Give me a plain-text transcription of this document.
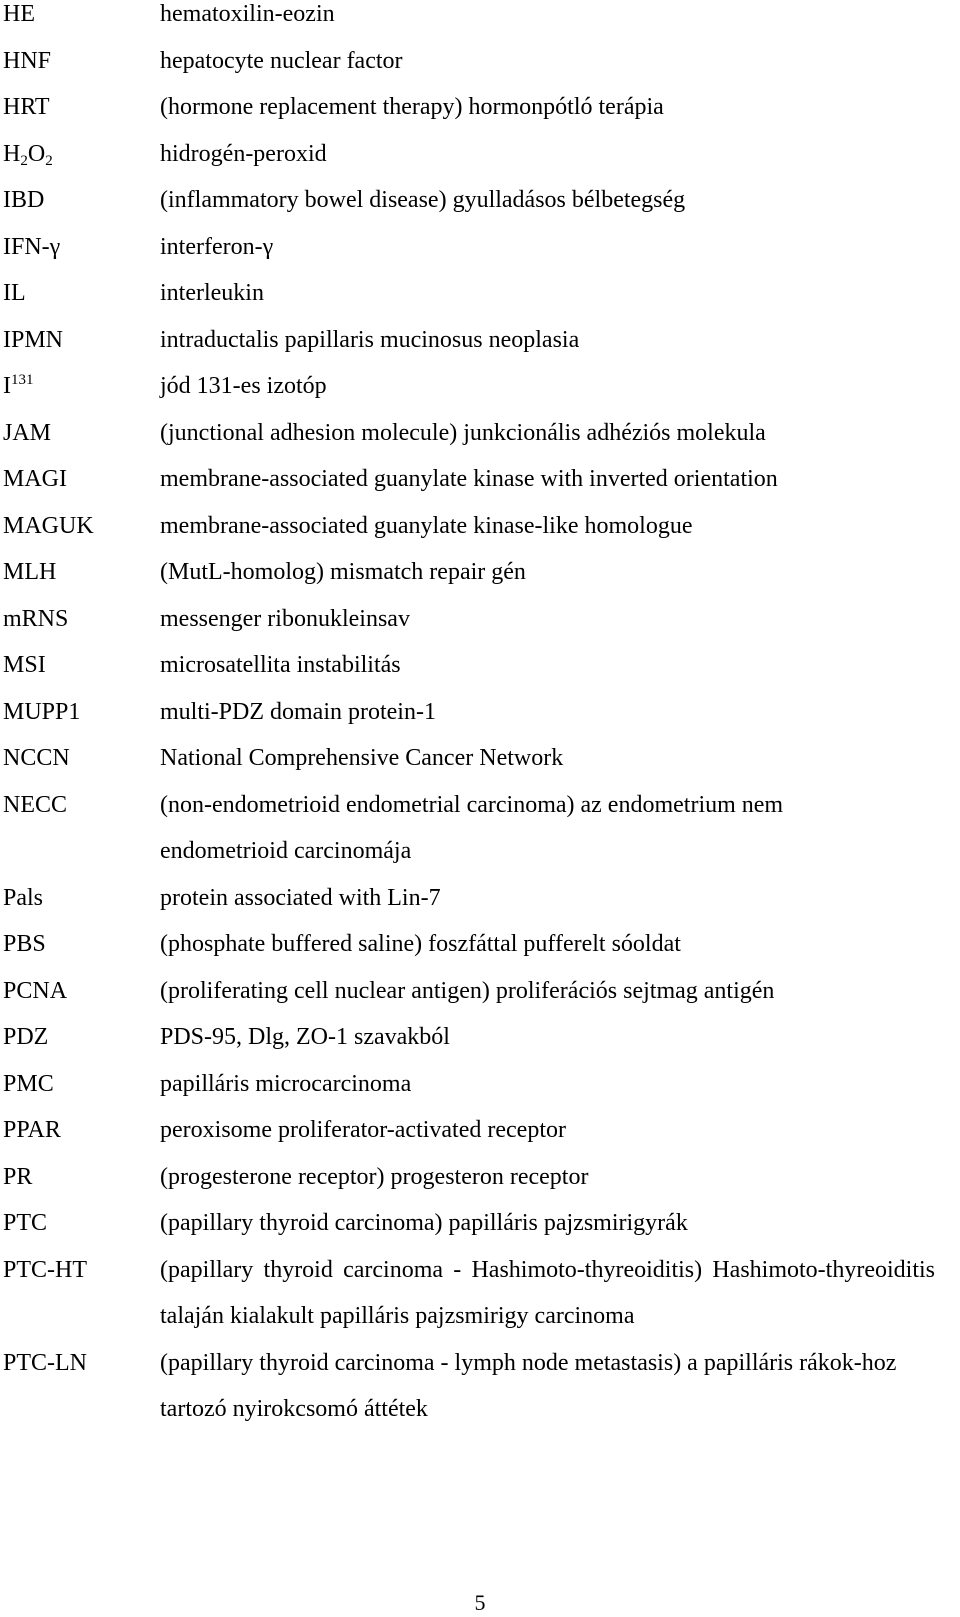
HE	hematoxilin-eozin
HNF	hepatocyte nuclear factor
HRT	(hormone replacement therapy) hormonpótló terápia
$H_2O_2$	hidrogén-peroxid
IBD	(inflammatory bowel disease) gyulladásos bélbetegség
IFN-γ	interferon-γ
IL	interleukin
IPMN	intraductalis papillaris mucinosus neoplasia
$I^{131}$	jód 131-es izotóp
JAM	(junctional adhesion molecule) junkcionális adhéziós molekula
MAGI	membrane-associated guanylate kinase with inverted orientation
MAGUK	membrane-associated guanylate kinase-like homologue
MLH	(MutL-homolog) mismatch repair gén
mRNS	messenger ribonukleinsav
MSI	microsatellita instabilitás
MUPP1	multi-PDZ domain protein-1
NCCN	National Comprehensive Cancer Network
NECC	(non-endometrioid endometrial carcinoma) az endometrium nem endometrioid carcinomája
Pals	protein associated with Lin-7
PBS	(phosphate buffered saline) foszfáttal pufferelt sóoldat
PCNA	(proliferating cell nuclear antigen) proliferációs sejtmag antigén
PDZ	PDS-95, Dlg, ZO-1 szavakból
PMC	papilláris microcarcinoma
PPAR	peroxisome proliferator-activated receptor
PR	(progesterone receptor) progesteron receptor
PTC	(papillary thyroid carcinoma) papilláris pajzsmirigyrák
PTC-HT	(papillary thyroid carcinoma - Hashimoto-thyreoiditis) Hashimoto-thyreoiditis talaján kialakult papilláris pajzsmirigy carcinoma
PTC-LN	(papillary thyroid carcinoma - lymph node metastasis) a papilláris rákok-hoz tartozó nyirokcsomó áttétek
5
